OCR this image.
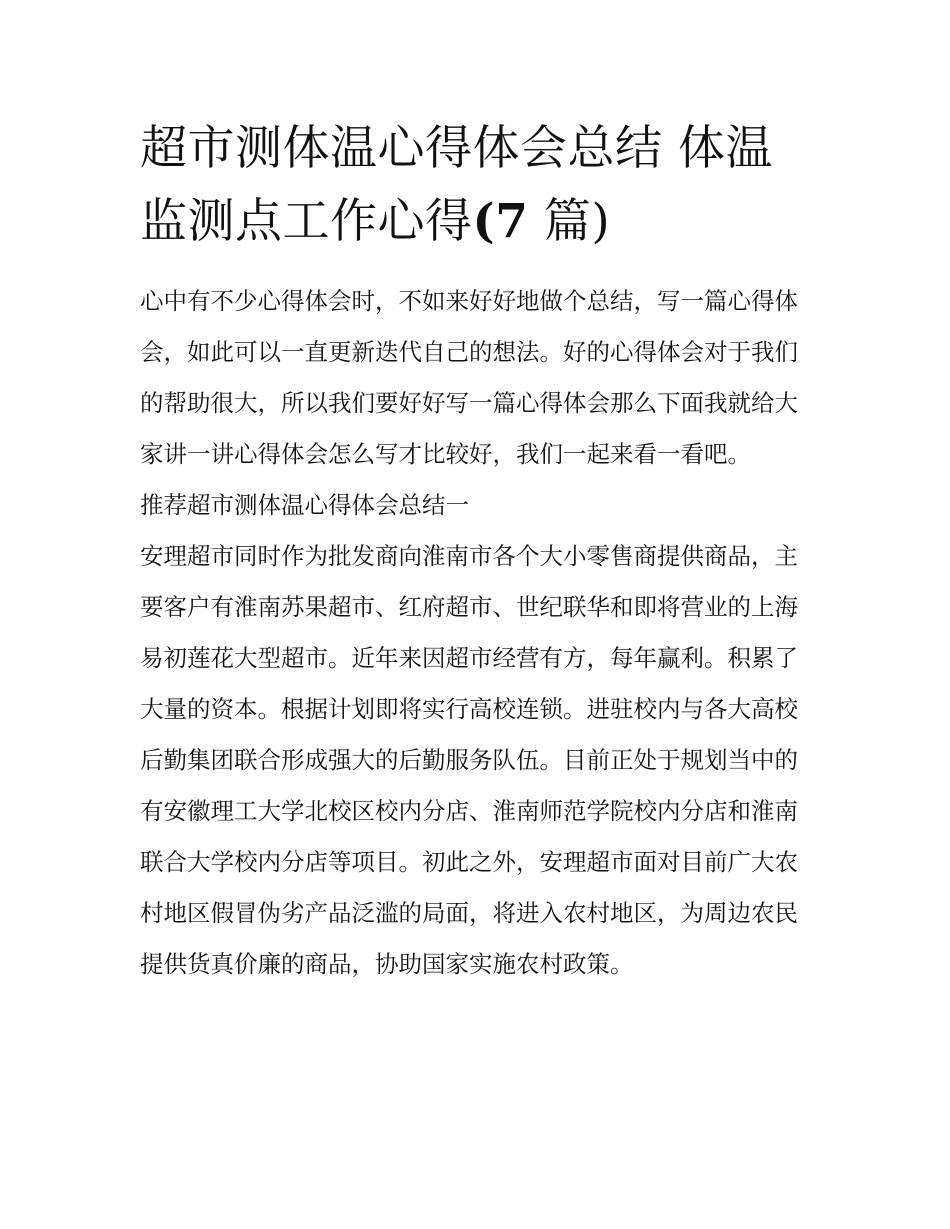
超市测体温心得体会总结 体温监测点工作心得(7 篇)

心中有不少心得体会时，不如来好好地做个总结，写一篇心得体会，如此可以一直更新迭代自己的想法。好的心得体会对于我们的帮助很大，所以我们要好好写一篇心得体会那么下面我就给大家讲一讲心得体会怎么写才比较好，我们一起来看一看吧。

推荐超市测体温心得体会总结一

安理超市同时作为批发商向淮南市各个大小零售商提供商品，主要客户有淮南苏果超市、红府超市、世纪联华和即将营业的上海易初莲花大型超市。近年来因超市经营有方，每年赢利。积累了大量的资本。根据计划即将实行高校连锁。进驻校内与各大高校后勤集团联合形成强大的后勤服务队伍。目前正处于规划当中的有安徽理工大学北校区校内分店、淮南师范学院校内分店和淮南联合大学校内分店等项目。初此之外，安理超市面对目前广大农村地区假冒伪劣产品泛滥的局面，将进入农村地区，为周边农民提供货真价廉的商品，协助国家实施农村政策。
